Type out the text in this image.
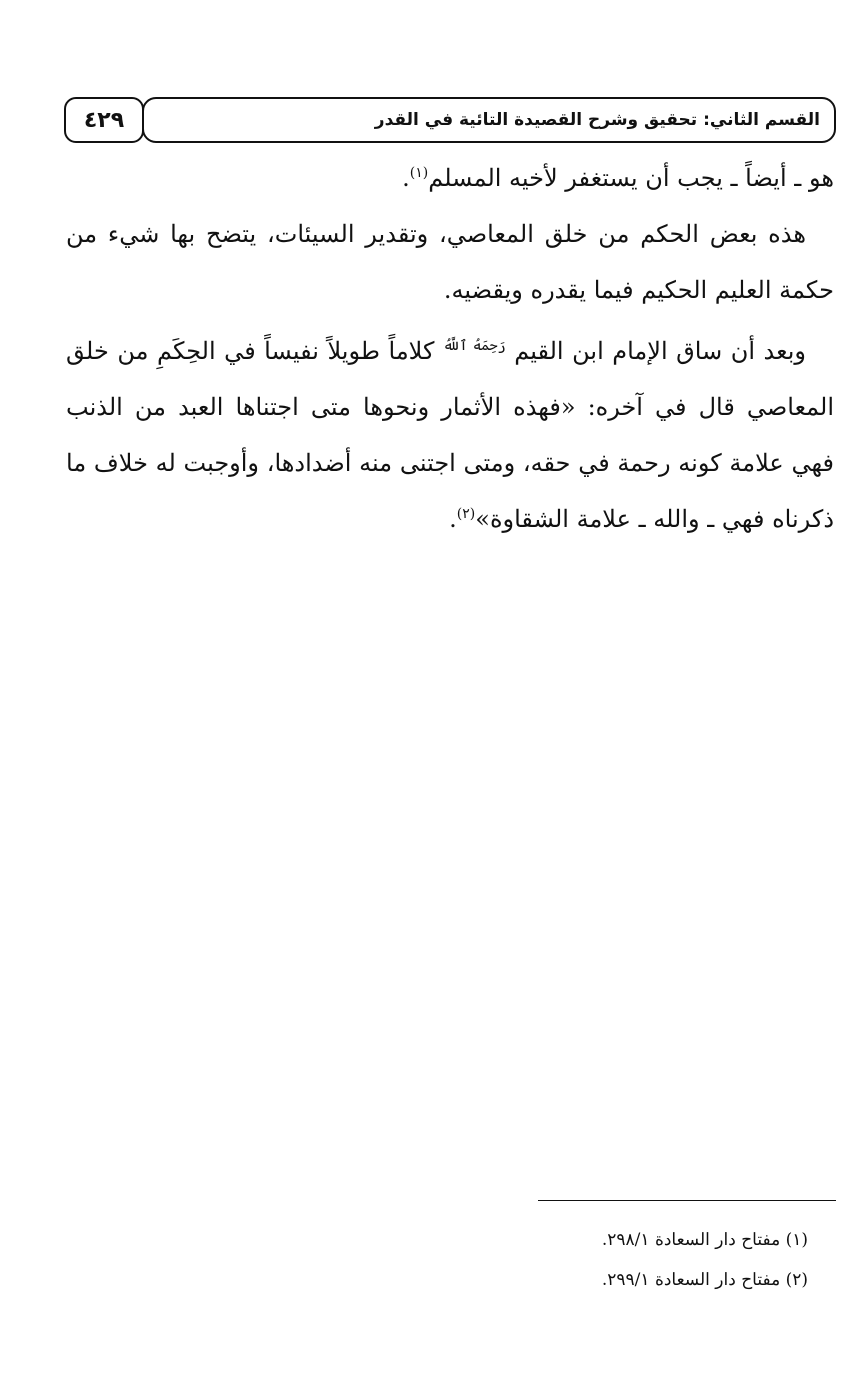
٤٢٩	القسم الثاني: تحقيق وشرح القصيدة التائية في القدر

هو ـ أيضاً ـ يجب أن يستغفر لأخيه المسلم$^{(١)}$.

هذه بعض الحكم من خلق المعاصي، وتقدير السيئات، يتضح بها شيء من حكمة العليم الحكيم فيما يقدره ويقضيه.

وبعد أن ساق الإمام ابن القيم $^{رَحِمَهُ ٱللَّهُ}$ كلاماً طويلاً نفيساً في الحِكَمِ من خلق المعاصي قال في آخره: «فهذه الأثمار ونحوها متى اجتناها العبد من الذنب فهي علامة كونه رحمة في حقه، ومتى اجتنى منه أضدادها، وأوجبت له خلاف ما ذكرناه فهي ـ والله ـ علامة الشقاوة»$^{(٢)}$.

(١) مفتاح دار السعادة ٢٩٨/١.

(٢) مفتاح دار السعادة ٢٩٩/١.
